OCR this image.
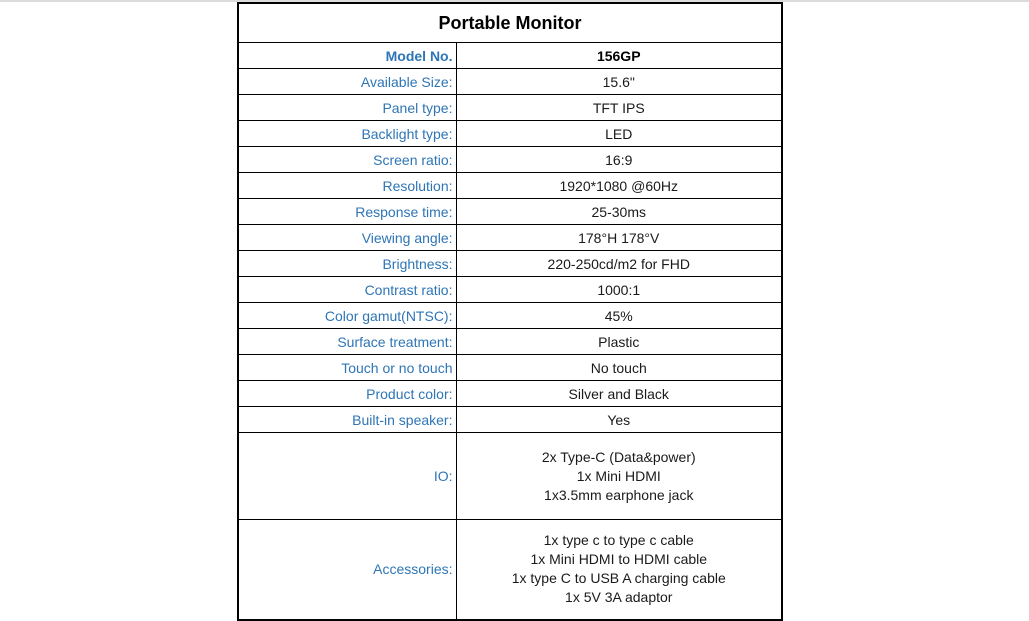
Portable Monitor	
Model No.	156GP
Available Size:	15.6"
Panel type:	TFT IPS
Backlight type:	LED
Screen ratio:	16:9
Resolution:	1920*1080 @60Hz
Response time:	25-30ms
Viewing angle:	178°H 178°V
Brightness:	220-250cd/m2 for FHD
Contrast ratio:	1000:1
Color gamut(NTSC):	45%
Surface treatment:	Plastic
Touch or no touch	No touch
Product color:	Silver and Black
Built-in speaker:	Yes
IO:	2x Type-C (Data&power)
1x Mini HDMI
1x3.5mm earphone jack
Accessories:	1x type c to type c cable
1x Mini HDMI to HDMI cable
1x type C to USB A charging cable
1x 5V 3A adaptor
